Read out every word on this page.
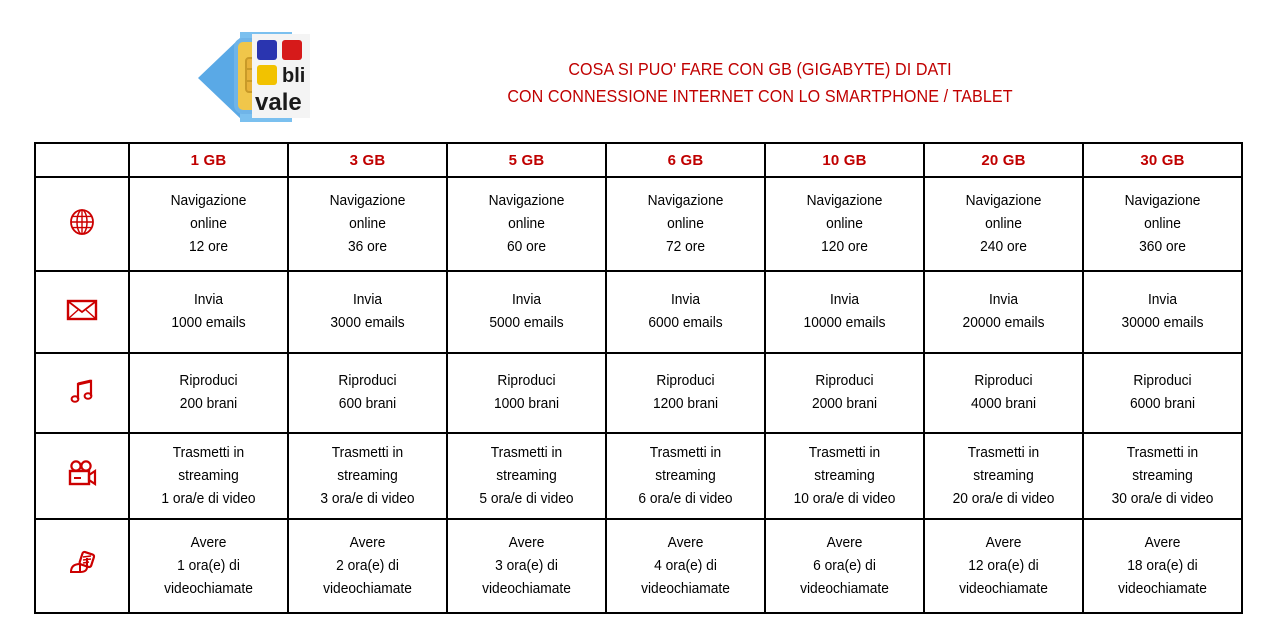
bli
vale
COSA SI PUO' FARE CON GB (GIGABYTE) DI DATI
CON CONNESSIONE INTERNET CON LO SMARTPHONE / TABLET
	1 GB	3 GB	5 GB	6 GB	10 GB	20 GB	30 GB

Navigazione
online
12 ore	Navigazione
online
36 ore	Navigazione
online
60 ore	Navigazione
online
72 ore	Navigazione
online
120 ore	Navigazione
online
240 ore	Navigazione
online
360 ore

Invia
1000 emails	Invia
3000 emails	Invia
5000 emails	Invia
6000 emails	Invia
10000 emails	Invia
20000 emails	Invia
30000 emails

Riproduci
200 brani	Riproduci
600 brani	Riproduci
1000 brani	Riproduci
1200 brani	Riproduci
2000 brani	Riproduci
4000 brani	Riproduci
6000 brani

Trasmetti in
streaming
1 ora/e di video	Trasmetti in
streaming
3 ora/e di video	Trasmetti in
streaming
5 ora/e di video	Trasmetti in
streaming
6 ora/e di video	Trasmetti in
streaming
10 ora/e di video	Trasmetti in
streaming
20 ora/e di video	Trasmetti in
streaming
30 ora/e di video

Avere
1 ora(e) di
videochiamate	Avere
2 ora(e) di
videochiamate	Avere
3 ora(e) di
videochiamate	Avere
4 ora(e) di
videochiamate	Avere
6 ora(e) di
videochiamate	Avere
12 ora(e) di
videochiamate	Avere
18 ora(e) di
videochiamate
